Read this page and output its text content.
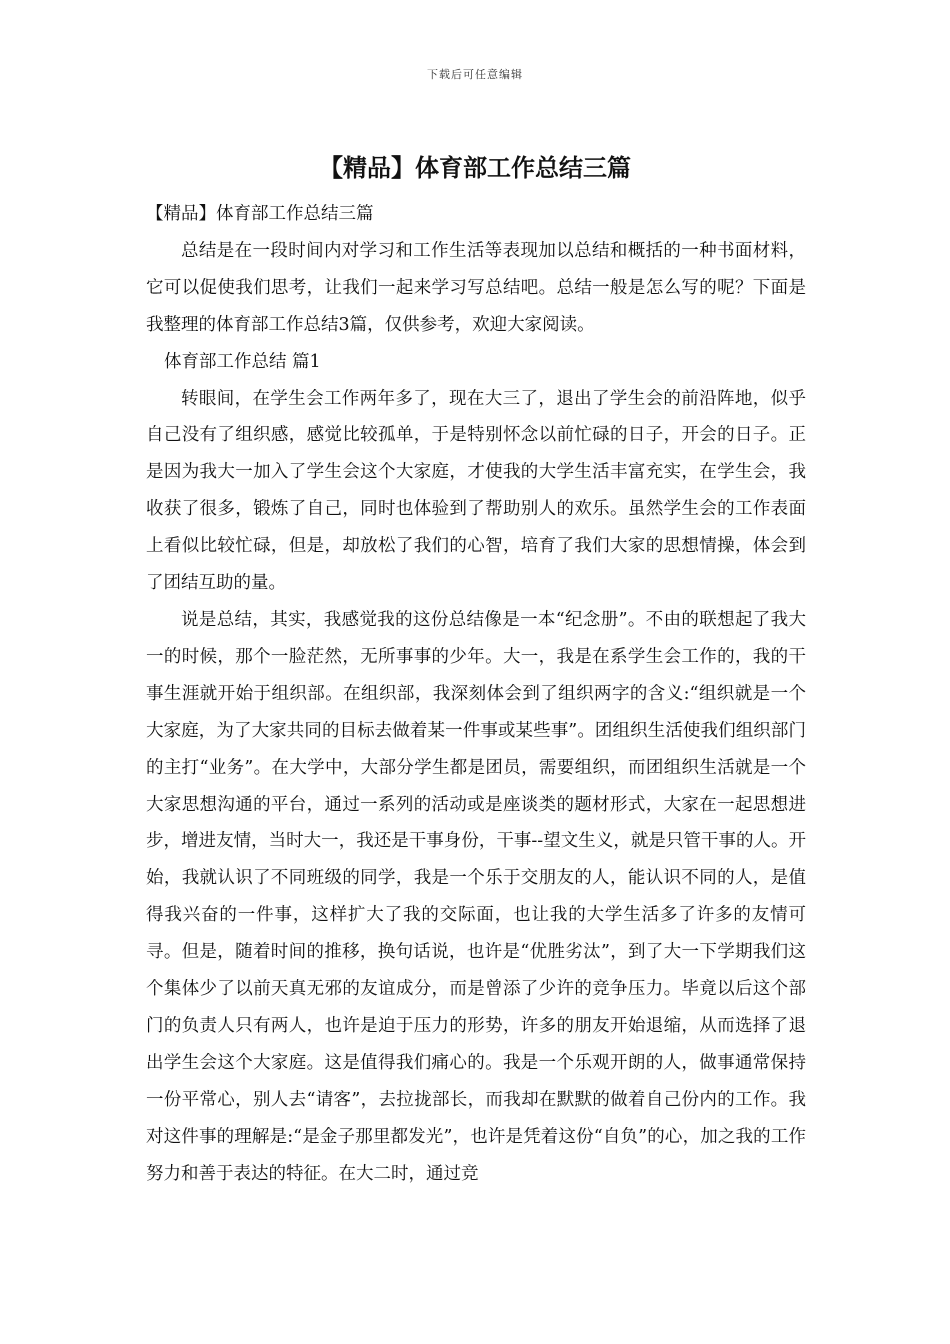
下载后可任意编辑
【精品】体育部工作总结三篇

【精品】体育部工作总结三篇

总结是在一段时间内对学习和工作生活等表现加以总结和概括的一种书面材料，它可以促使我们思考，让我们一起来学习写总结吧。总结一般是怎么写的呢？下面是我整理的体育部工作总结3篇，仅供参考，欢迎大家阅读。

体育部工作总结 篇1

转眼间，在学生会工作两年多了，现在大三了，退出了学生会的前沿阵地，似乎自己没有了组织感，感觉比较孤单，于是特别怀念以前忙碌的日子，开会的日子。正是因为我大一加入了学生会这个大家庭，才使我的大学生活丰富充实，在学生会，我收获了很多，锻炼了自己，同时也体验到了帮助别人的欢乐。虽然学生会的工作表面上看似比较忙碌，但是，却放松了我们的心智，培育了我们大家的思想情操，体会到了团结互助的量。

说是总结，其实，我感觉我的这份总结像是一本“纪念册”。不由的联想起了我大一的时候，那个一脸茫然，无所事事的少年。大一，我是在系学生会工作的，我的干事生涯就开始于组织部。在组织部，我深刻体会到了组织两字的含义:“组织就是一个大家庭，为了大家共同的目标去做着某一件事或某些事”。团组织生活使我们组织部门的主打“业务”。在大学中，大部分学生都是团员，需要组织，而团组织生活就是一个大家思想沟通的平台，通过一系列的活动或是座谈类的题材形式，大家在一起思想进步，增进友情，当时大一，我还是干事身份，干事--望文生义，就是只管干事的人。开始，我就认识了不同班级的同学，我是一个乐于交朋友的人，能认识不同的人，是值得我兴奋的一件事，这样扩大了我的交际面，也让我的大学生活多了许多的友情可寻。但是，随着时间的推移，换句话说，也许是“优胜劣汰”，到了大一下学期我们这个集体少了以前天真无邪的友谊成分，而是曾添了少许的竞争压力。毕竟以后这个部门的负责人只有两人，也许是迫于压力的形势，许多的朋友开始退缩，从而选择了退出学生会这个大家庭。这是值得我们痛心的。我是一个乐观开朗的人，做事通常保持一份平常心，别人去“请客”，去拉拢部长，而我却在默默的做着自己份内的工作。我对这件事的理解是:“是金子那里都发光”，也许是凭着这份“自负”的心，加之我的工作努力和善于表达的特征。在大二时，通过竞
